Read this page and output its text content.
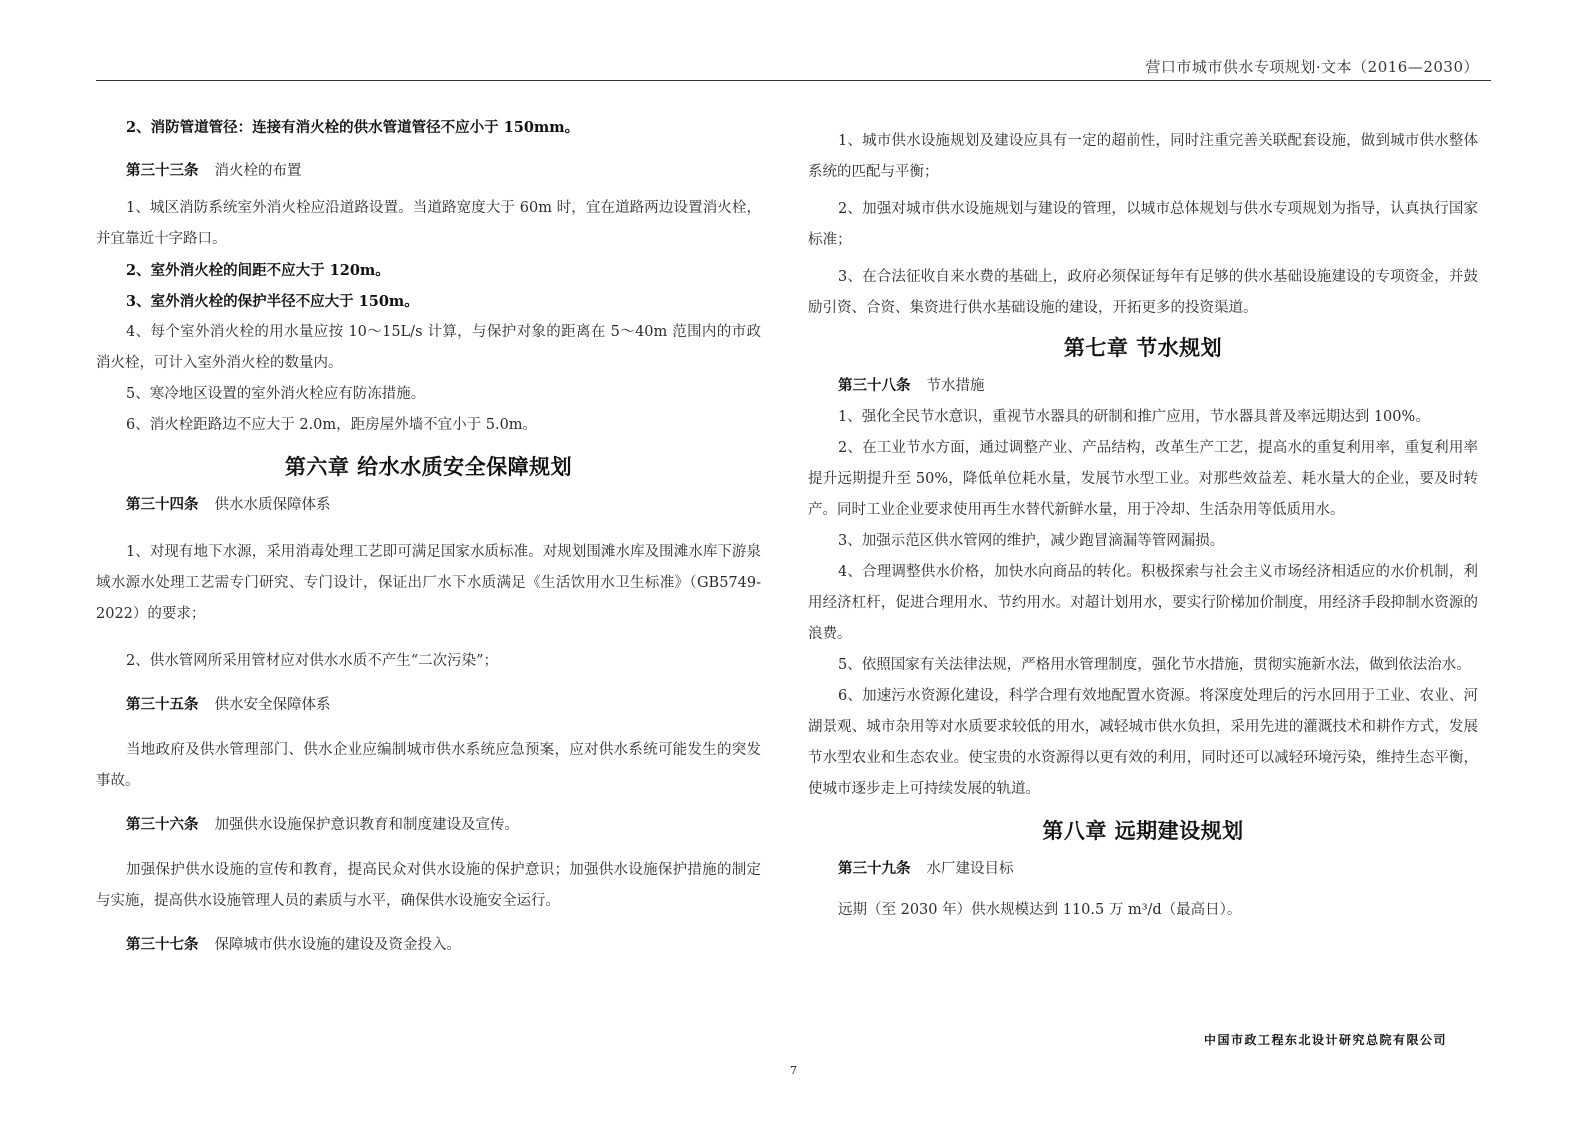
营口市城市供水专项规划·文本（2016—2030）

2、消防管道管径：连接有消火栓的供水管道管径不应小于 150mm。

第三十三条 消火栓的布置

1、城区消防系统室外消火栓应沿道路设置。当道路宽度大于 60m 时，宜在道路两边设置消火栓，并宜靠近十字路口。

2、室外消火栓的间距不应大于 120m。

3、室外消火栓的保护半径不应大于 150m。

4、每个室外消火栓的用水量应按 10～15L/s 计算，与保护对象的距离在 5～40m 范围内的市政消火栓，可计入室外消火栓的数量内。

5、寒冷地区设置的室外消火栓应有防冻措施。

6、消火栓距路边不应大于 2.0m，距房屋外墙不宜小于 5.0m。

第六章 给水水质安全保障规划

第三十四条 供水水质保障体系

1、对现有地下水源，采用消毒处理工艺即可满足国家水质标准。对规划围滩水库及围滩水库下游泉域水源水处理工艺需专门研究、专门设计，保证出厂水下水质满足《生活饮用水卫生标准》（GB5749-2022）的要求；

2、供水管网所采用管材应对供水水质不产生“二次污染”；

第三十五条 供水安全保障体系

当地政府及供水管理部门、供水企业应编制城市供水系统应急预案，应对供水系统可能发生的突发事故。

第三十六条 加强供水设施保护意识教育和制度建设及宣传。

加强保护供水设施的宣传和教育，提高民众对供水设施的保护意识；加强供水设施保护措施的制定与实施，提高供水设施管理人员的素质与水平，确保供水设施安全运行。

第三十七条 保障城市供水设施的建设及资金投入。

1、城市供水设施规划及建设应具有一定的超前性，同时注重完善关联配套设施，做到城市供水整体系统的匹配与平衡；

2、加强对城市供水设施规划与建设的管理，以城市总体规划与供水专项规划为指导，认真执行国家标准；

3、在合法征收自来水费的基础上，政府必须保证每年有足够的供水基础设施建设的专项资金，并鼓励引资、合资、集资进行供水基础设施的建设，开拓更多的投资渠道。

第七章 节水规划

第三十八条 节水措施

1、强化全民节水意识，重视节水器具的研制和推广应用，节水器具普及率远期达到 100%。

2、在工业节水方面，通过调整产业、产品结构，改革生产工艺，提高水的重复利用率，重复利用率提升远期提升至 50%，降低单位耗水量，发展节水型工业。对那些效益差、耗水量大的企业，要及时转产。同时工业企业要求使用再生水替代新鲜水量，用于冷却、生活杂用等低质用水。

3、加强示范区供水管网的维护，减少跑冒滴漏等管网漏损。

4、合理调整供水价格，加快水向商品的转化。积极探索与社会主义市场经济相适应的水价机制，利用经济杠杆，促进合理用水、节约用水。对超计划用水，要实行阶梯加价制度，用经济手段抑制水资源的浪费。

5、依照国家有关法律法规，严格用水管理制度，强化节水措施，贯彻实施新水法，做到依法治水。

6、加速污水资源化建设，科学合理有效地配置水资源。将深度处理后的污水回用于工业、农业、河湖景观、城市杂用等对水质要求较低的用水，减轻城市供水负担，采用先进的灌溉技术和耕作方式，发展节水型农业和生态农业。使宝贵的水资源得以更有效的利用，同时还可以减轻环境污染，维持生态平衡，使城市逐步走上可持续发展的轨道。

第八章 远期建设规划

第三十九条 水厂建设目标

远期（至 2030 年）供水规模达到 110.5 万 m³/d（最高日）。

中国市政工程东北设计研究总院有限公司
7
